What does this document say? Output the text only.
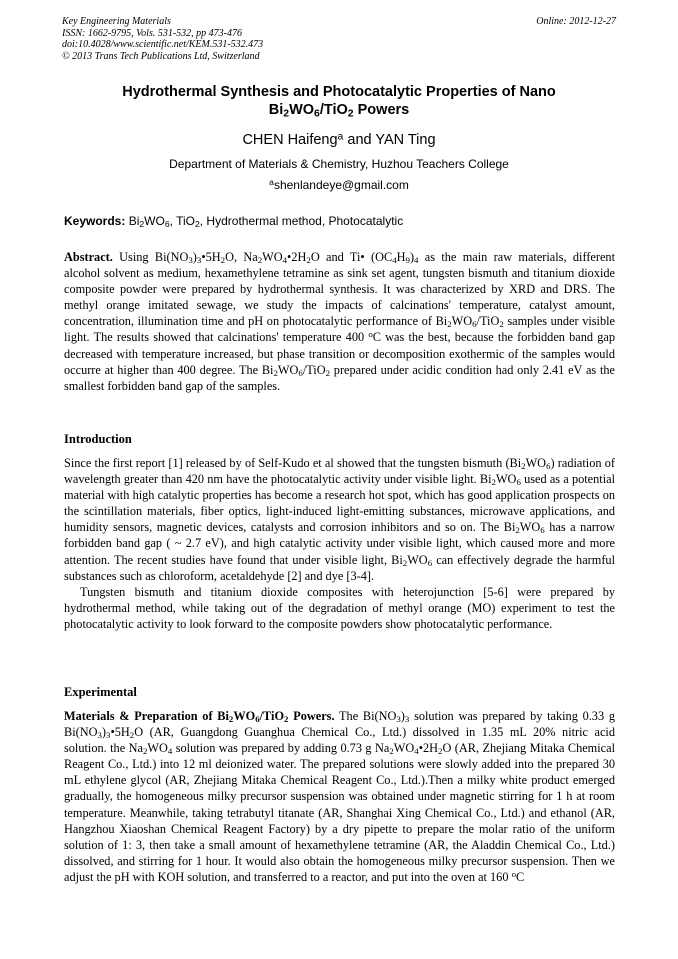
Key Engineering Materials
ISSN: 1662-9795, Vols. 531-532, pp 473-476
doi:10.4028/www.scientific.net/KEM.531-532.473
© 2013 Trans Tech Publications Ltd, Switzerland
Online: 2012-12-27
Hydrothermal Synthesis and Photocatalytic Properties of Nano
$Bi_2WO_6/TiO_2$ Powers
CHEN Haifeng$^a$ and YAN Ting
Department of Materials & Chemistry, Huzhou Teachers College
$^a$shenlandeye@gmail.com
Keywords: $Bi_2WO_6$, TiO$_2$, Hydrothermal method, Photocatalytic

Abstract. Using $Bi(NO_3)_3•5H_2O$, $Na_2WO_4•2H_2O$ and Ti• $(OC_4H_9)_4$ as the main raw materials, different alcohol solvent as medium, hexamethylene tetramine as sink set agent, tungsten bismuth and titanium dioxide composite powder were prepared by hydrothermal synthesis. It was characterized by XRD and DRS. The methyl orange imitated sewage, we study the impacts of calcinations' temperature, catalyst amount, concentration, illumination time and pH on photocatalytic performance of $Bi_2WO_6/TiO_2$ samples under visible light. The results showed that calcinations' temperature 400 $^o$C was the best, because the forbidden band gap decreased with temperature increased, but phase transition or decomposition exothermic of the samples would occurre at higher than 400 degree. The $Bi_2WO_6/TiO_2$ prepared under acidic condition had only 2.41 eV as the smallest forbidden band gap of the samples.

Introduction

Since the first report [1] released by of Self-Kudo et al showed that the tungsten bismuth $(Bi_2WO_6)$ radiation of wavelength greater than 420 nm have the photocatalytic activity under visible light. $Bi_2WO_6$ used as a potential material with high catalytic properties has become a research hot spot, which has good application prospects on the scintillation materials, fiber optics, light-induced light-emitting substances, microwave applications, and humidity sensors, magnetic devices, catalysts and corrosion inhibitors and so on. The $Bi_2WO_6$ has a narrow forbidden band gap ( ~ 2.7 eV), and high catalytic activity under visible light, which caused more and more attention. The recent studies have found that under visible light, $Bi_2WO_6$ can effectively degrade the harmful substances such as chloroform, acetaldehyde [2] and dye [3-4].

Tungsten bismuth and titanium dioxide composites with heterojunction [5-6] were prepared by hydrothermal method, while taking out of the degradation of methyl orange (MO) experiment to test the photocatalytic activity to look forward to the composite powders show photocatalytic performance.

Experimental

Materials & Preparation of $Bi_2WO_6/TiO_2$ Powers. The $Bi(NO_3)_3$ solution was prepared by taking 0.33 g $Bi(NO_3)_3•5H_2O$ (AR, Guangdong Guanghua Chemical Co., Ltd.) dissolved in 1.35 mL 20% nitric acid solution. the $Na_2WO_4$ solution was prepared by adding 0.73 g $Na_2WO_4•2H_2O$ (AR, Zhejiang Mitaka Chemical Reagent Co., Ltd.) into 12 ml deionized water. The prepared solutions were slowly added into the prepared 30 mL ethylene glycol (AR, Zhejiang Mitaka Chemical Reagent Co., Ltd.).Then a milky white product emerged gradually, the homogeneous milky precursor suspension was obtained under magnetic stirring for 1 h at room temperature. Meanwhile, taking tetrabutyl titanate (AR, Shanghai Xing Chemical Co., Ltd.) and ethanol (AR, Hangzhou Xiaoshan Chemical Reagent Factory) by a dry pipette to prepare the molar ratio of the uniform solution of 1: 3, then take a small amount of hexamethylene tetramine (AR, the Aladdin Chemical Co., Ltd.) dissolved, and stirring for 1 hour. It would also obtain the homogeneous milky precursor suspension. Then we adjust the pH with KOH solution, and transferred to a reactor, and put into the oven at 160 $^o$C
